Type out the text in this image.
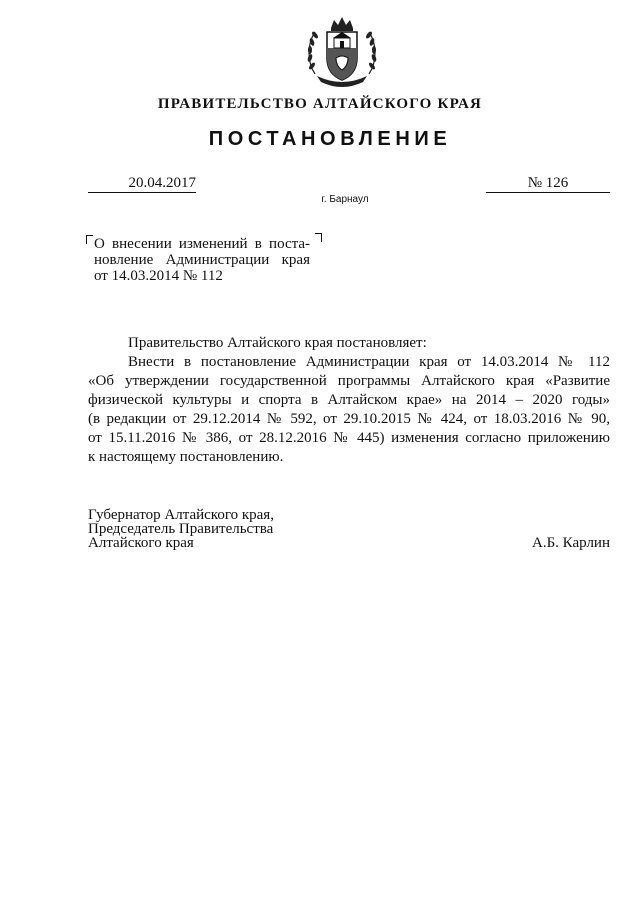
ПРАВИТЕЛЬСТВО АЛТАЙСКОГО КРАЯ
ПОСТАНОВЛЕНИЕ
20.04.2017	№ 126
г. Барнаул
О внесении изменений в поста-
новление Администрации края
от 14.03.2014 № 112
Правительство Алтайского края постановляет:
Внести в постановление Администрации края от 14.03.2014 № 112
«Об утверждении государственной программы Алтайского края «Развитие
физической культуры и спорта в Алтайском крае» на 2014 – 2020 годы»
(в редакции от 29.12.2014 № 592, от 29.10.2015 № 424, от 18.03.2016 № 90,
от 15.11.2016 № 386, от 28.12.2016 № 445) изменения согласно приложению
к настоящему постановлению.
Губернатор Алтайского края,
Председатель Правительства
Алтайского края	А.Б. Карлин
